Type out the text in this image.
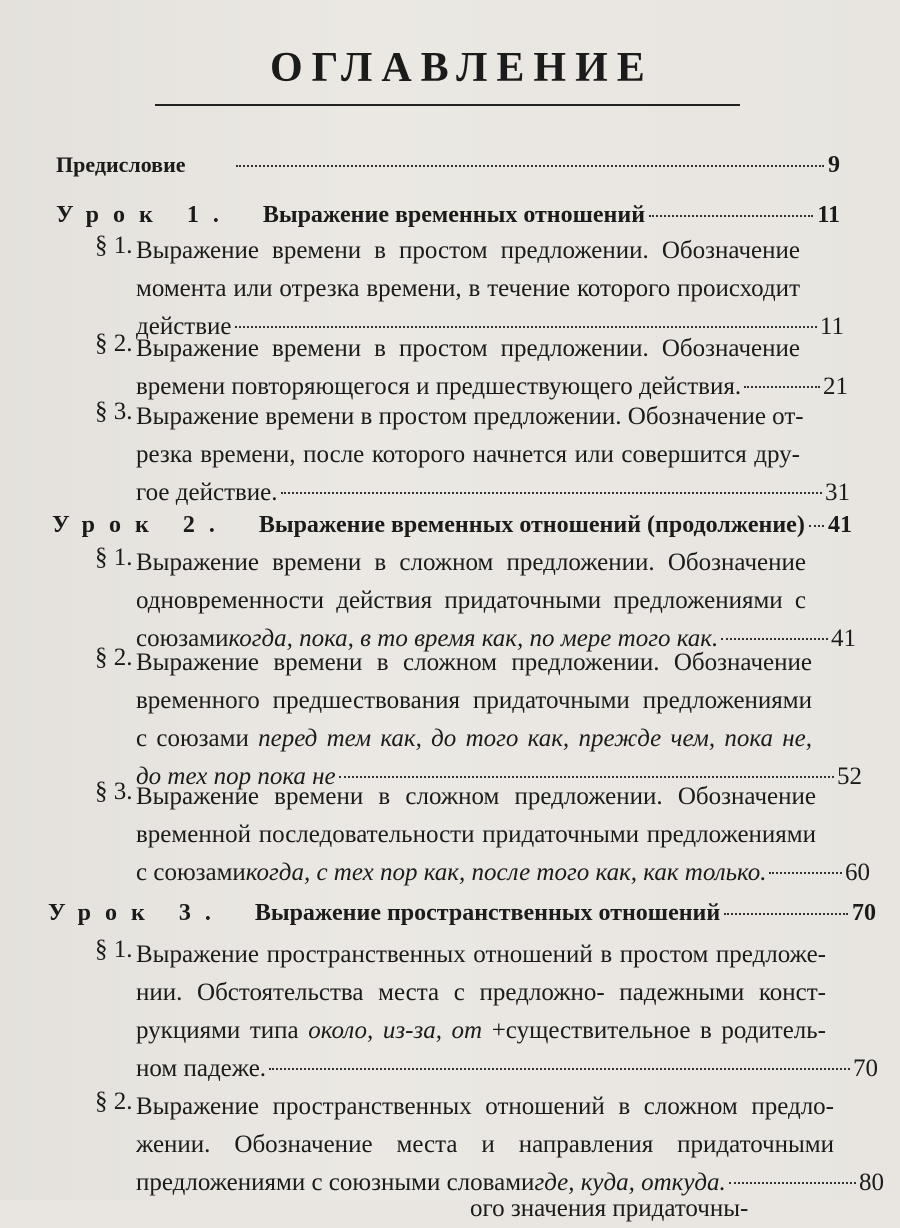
ОГЛАВЛЕНИЕ
Предисловие	9
Урок 1. Выражение временных отношений	11
§ 1. Выражение времени в простом предложении. Обозначение
момента или отрезка времени, в течение которого происходит
действие	11
§ 2. Выражение времени в простом предложении. Обозначение
времени повторяющегося и предшествующего действия.	21
§ 3. Выражение времени в простом предложении. Обозначение от-
резка времени, после которого начнется или совершится дру-
гое действие.	31
Урок 2. Выражение временных отношений (продолжение) 41
§ 1. Выражение времени в сложном предложении. Обозначение
одновременности действия придаточными предложениями с
союзами когда, пока, в то время как, по мере того как.	41
§ 2. Выражение времени в сложном предложении. Обозначение
временного предшествования придаточными предложениями
с союзами перед тем как, до того как, прежде чем, пока не,
до тех пор пока не	52
§ 3. Выражение времени в сложном предложении. Обозначение
временной последовательности придаточными предложениями
с союзами когда, с тех пор как, после того как, как только.	60
Урок 3. Выражение пространственных отношений	70
§ 1. Выражение пространственных отношений в простом предложе-
нии. Обстоятельства места с предложно- падежными конст-
рукциями типа около, из-за, от +существительное в родитель-
ном падеже.	70
§ 2. Выражение пространственных отношений в сложном предло-
жении. Обозначение места и направления придаточными
предложениями с союзными словами где, куда, откуда.	80
ого значения придаточны-
